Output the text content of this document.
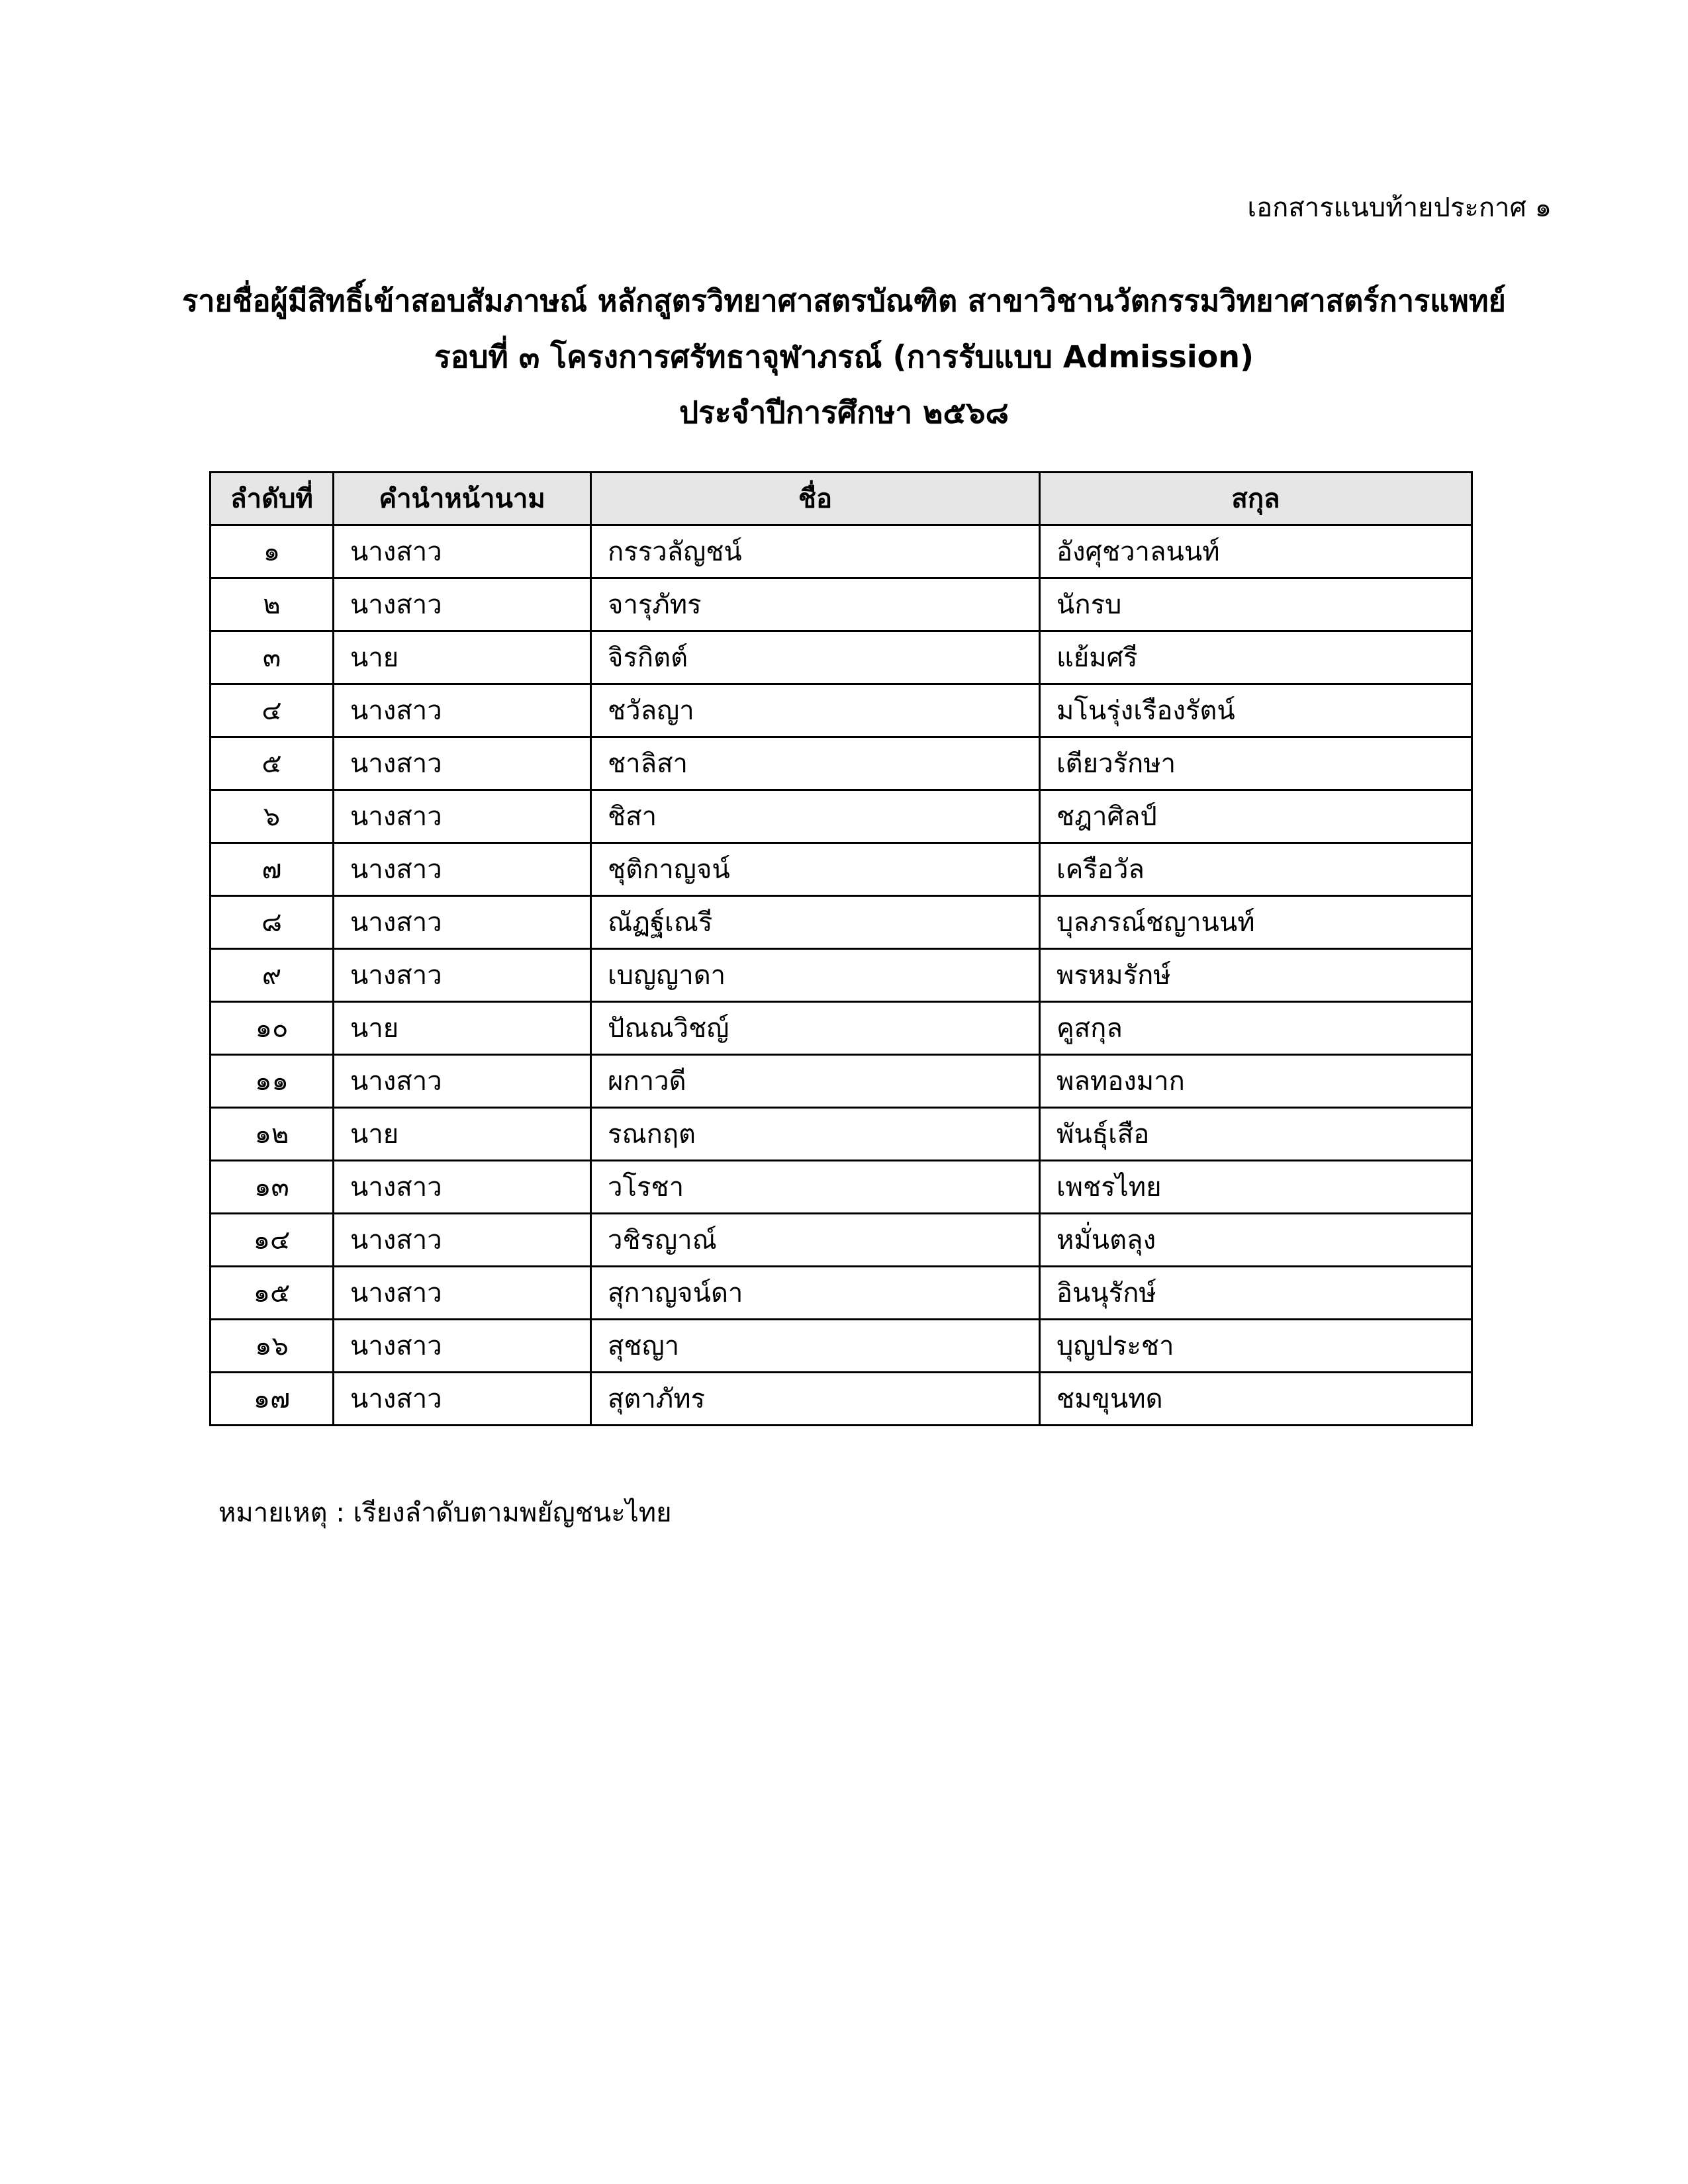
เอกสารแนบท้ายประกาศ ๑
รายชื่อผู้มีสิทธิ์เข้าสอบสัมภาษณ์ หลักสูตรวิทยาศาสตรบัณฑิต สาขาวิชานวัตกรรมวิทยาศาสตร์การแพทย์
รอบที่ ๓ โครงการศรัทธาจุฬาภรณ์ (การรับแบบ Admission)
ประจำปีการศึกษา ๒๕๖๘
ลำดับที่	คำนำหน้านาม	ชื่อ	สกุล
๑	นางสาว	กรรวลัญชน์	อังศุชวาลนนท์
๒	นางสาว	จารุภัทร	นักรบ
๓	นาย	จิรกิตต์	แย้มศรี
๔	นางสาว	ชวัลญา	มโนรุ่งเรืองรัตน์
๕	นางสาว	ชาลิสา	เตียวรักษา
๖	นางสาว	ชิสา	ชฎาศิลป์
๗	นางสาว	ชุติกาญจน์	เครือวัล
๘	นางสาว	ณัฏฐ์เณรี	บุลภรณ์ชญานนท์
๙	นางสาว	เบญญาดา	พรหมรักษ์
๑๐	นาย	ปัณณวิชญ์	คูสกุล
๑๑	นางสาว	ผกาวดี	พลทองมาก
๑๒	นาย	รณกฤต	พันธุ์เสือ
๑๓	นางสาว	วโรชา	เพชรไทย
๑๔	นางสาว	วชิรญาณ์	หมั่นตลุง
๑๕	นางสาว	สุกาญจน์ดา	อินนุรักษ์
๑๖	นางสาว	สุชญา	บุญประชา
๑๗	นางสาว	สุตาภัทร	ชมขุนทด
หมายเหตุ : เรียงลำดับตามพยัญชนะไทย
